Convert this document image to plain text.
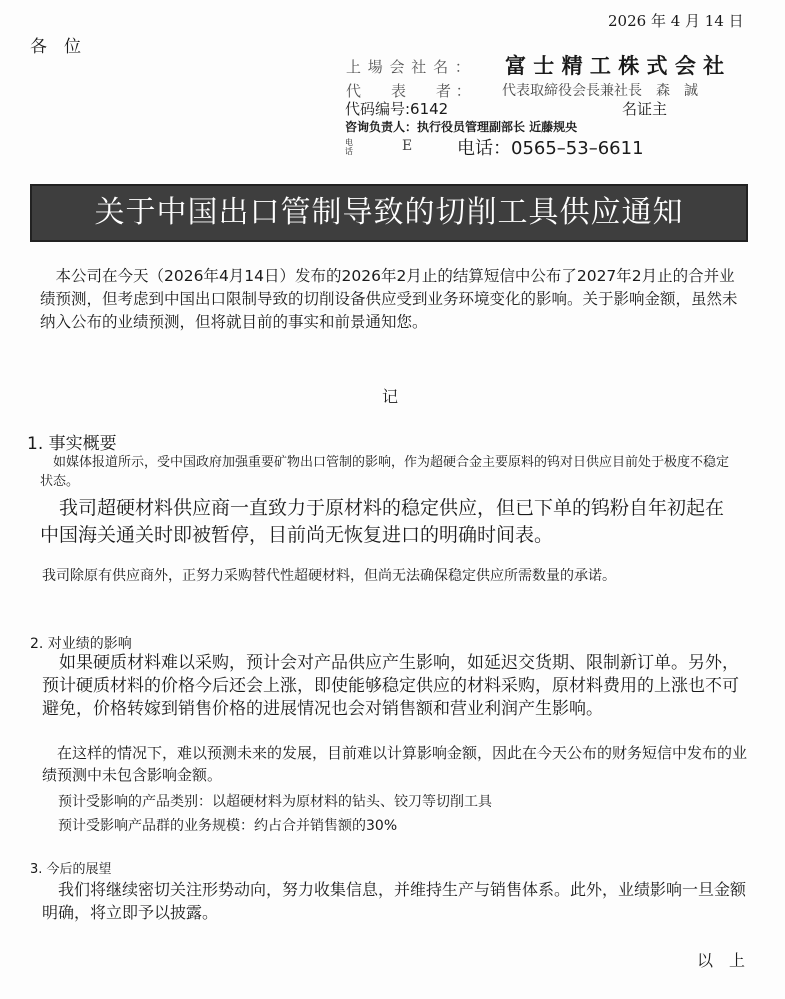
2026 年 4 月 14 日
各　位
上 場 会 社 名 ： 富 士 精 工 株 式 会 社
代　　表　　者 ： 代表取締役会長兼社長　森　誠
代码编号:6142	名证主
咨询负责人：执行役员管理副部长 近藤规央
电话	E 电话：0565–53–6611
关于中国出口管制导致的切削工具供应通知
　本公司在今天（2026年4月14日）发布的2026年2月止的结算短信中公布了2027年2月止的合并业绩预测，但考虑到中国出口限制导致的切削设备供应受到业务环境变化的影响。关于影响金额，虽然未纳入公布的业绩预测，但将就目前的事实和前景通知您。
记
1. 事实概要
　如媒体报道所示，受中国政府加强重要矿物出口管制的影响，作为超硬合金主要原料的钨对日供应目前处于极度不稳定状态。
　我司超硬材料供应商一直致力于原材料的稳定供应，但已下单的钨粉自年初起在中国海关通关时即被暂停，目前尚无恢复进口的明确时间表。
我司除原有供应商外，正努力采购替代性超硬材料，但尚无法确保稳定供应所需数量的承诺。
2. 对业绩的影响
　如果硬质材料难以采购，预计会对产品供应产生影响，如延迟交货期、限制新订单。另外，预计硬质材料的价格今后还会上涨，即使能够稳定供应的材料采购，原材料费用的上涨也不可避免，价格转嫁到销售价格的进展情况也会对销售额和营业利润产生影响。
　在这样的情况下，难以预测未来的发展，目前难以计算影响金额，因此在今天公布的财务短信中发布的业绩预测中未包含影响金额。
预计受影响的产品类别：以超硬材料为原材料的钻头、铰刀等切削工具
预计受影响产品群的业务规模：约占合并销售额的30%
3. 今后的展望
　我们将继续密切关注形势动向，努力收集信息，并维持生产与销售体系。此外，业绩影响一旦金额明确，将立即予以披露。
以　上
